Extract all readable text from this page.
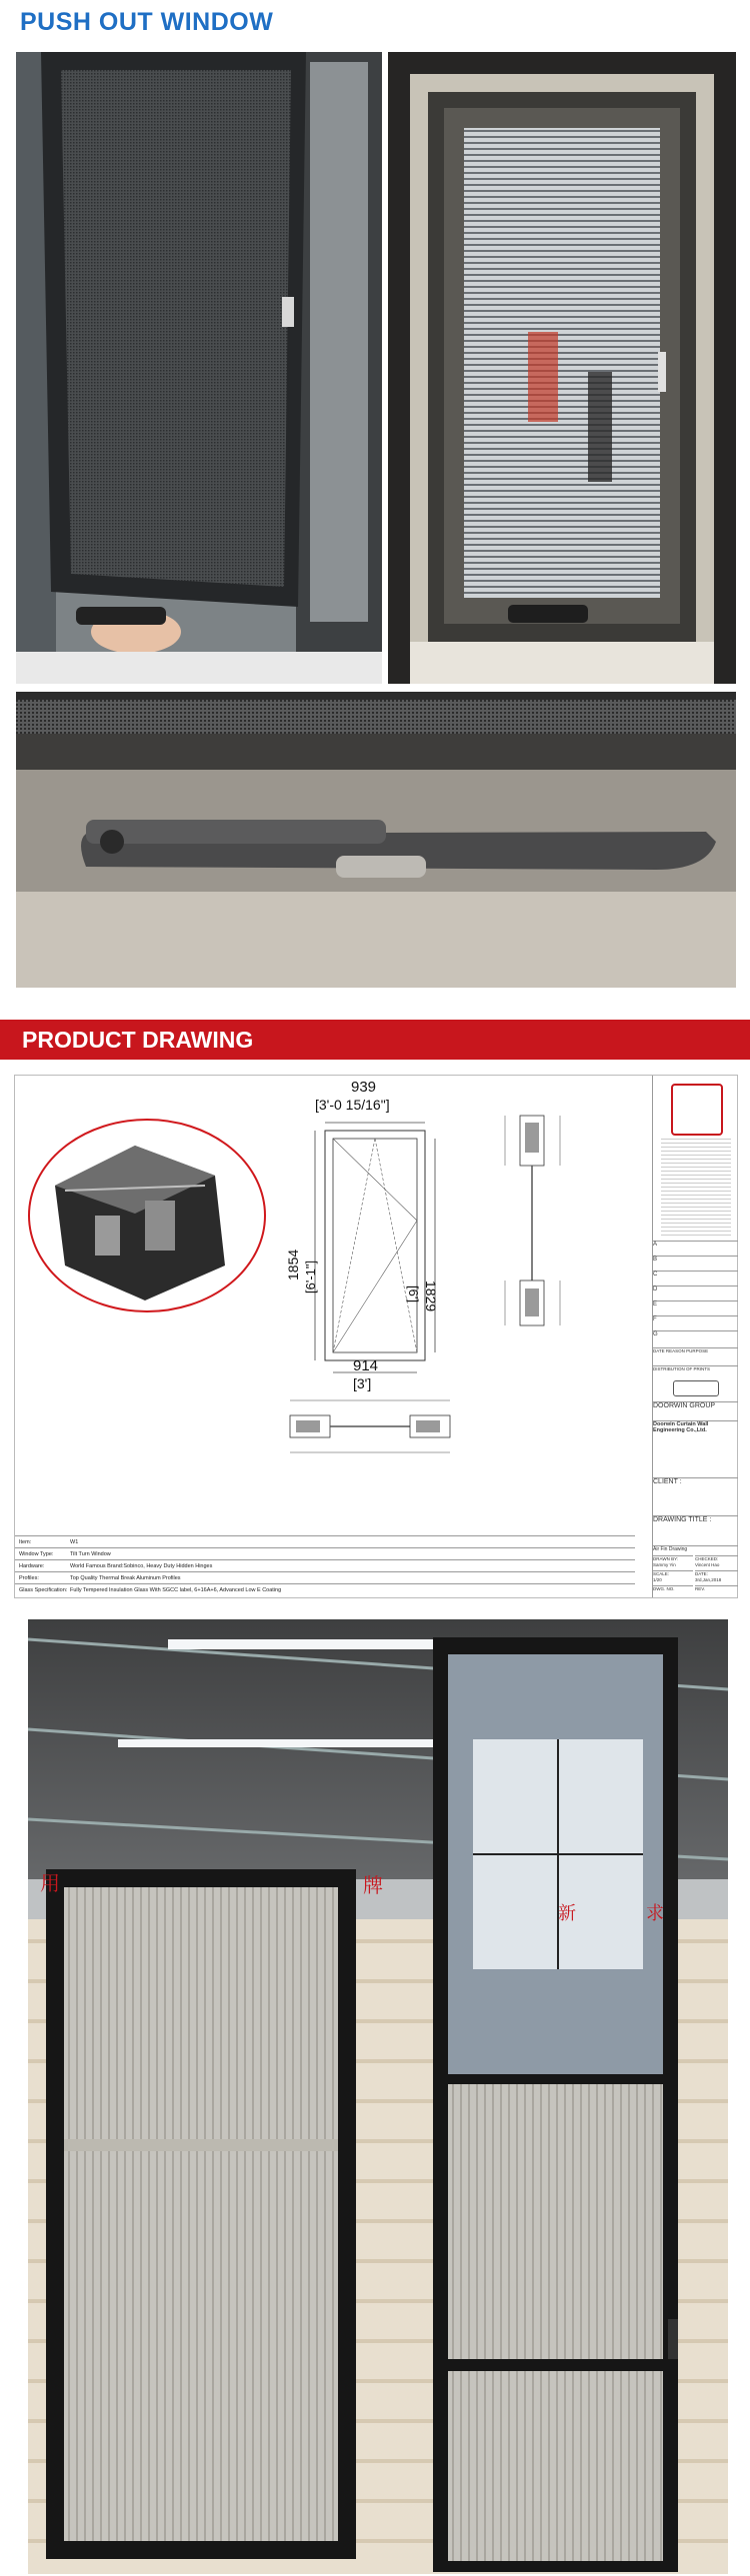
PUSH OUT WINDOW
PRODUCT DRAWING
939
[3'-0 15/16"]
1854 [6'-1"]
1829
[6']
914
[3']
Item:	W1
Window Type:	Tilt Turn Window
Hardware:	World Famous Brand:Sobinco, Heavy Duty Hidden Hinges
Profiles:	Top Quality Thermal Break Aluminum Profiles
Glass Specification: Fully Tempered Insulation Glass With SGCC label, 6+16A+6, Advanced Low E Coating
A
B
C
D
E
F
G
DATE REASON PURPOSE
DISTRIBUTION OF PRINTS
DOORWIN GROUP
Doorwin Curtain Wall Engineering Co.,Ltd.
CLIENT :
DRAWING TITLE :
Air Fin Drawing
DRAWN BY:	CHECKED:
Sammy Yin	Vincent Hao
SCALE:	DATE:
1/20	3rd,Jan,2018
DWG. NO.	REV.
用	牌
新	求
